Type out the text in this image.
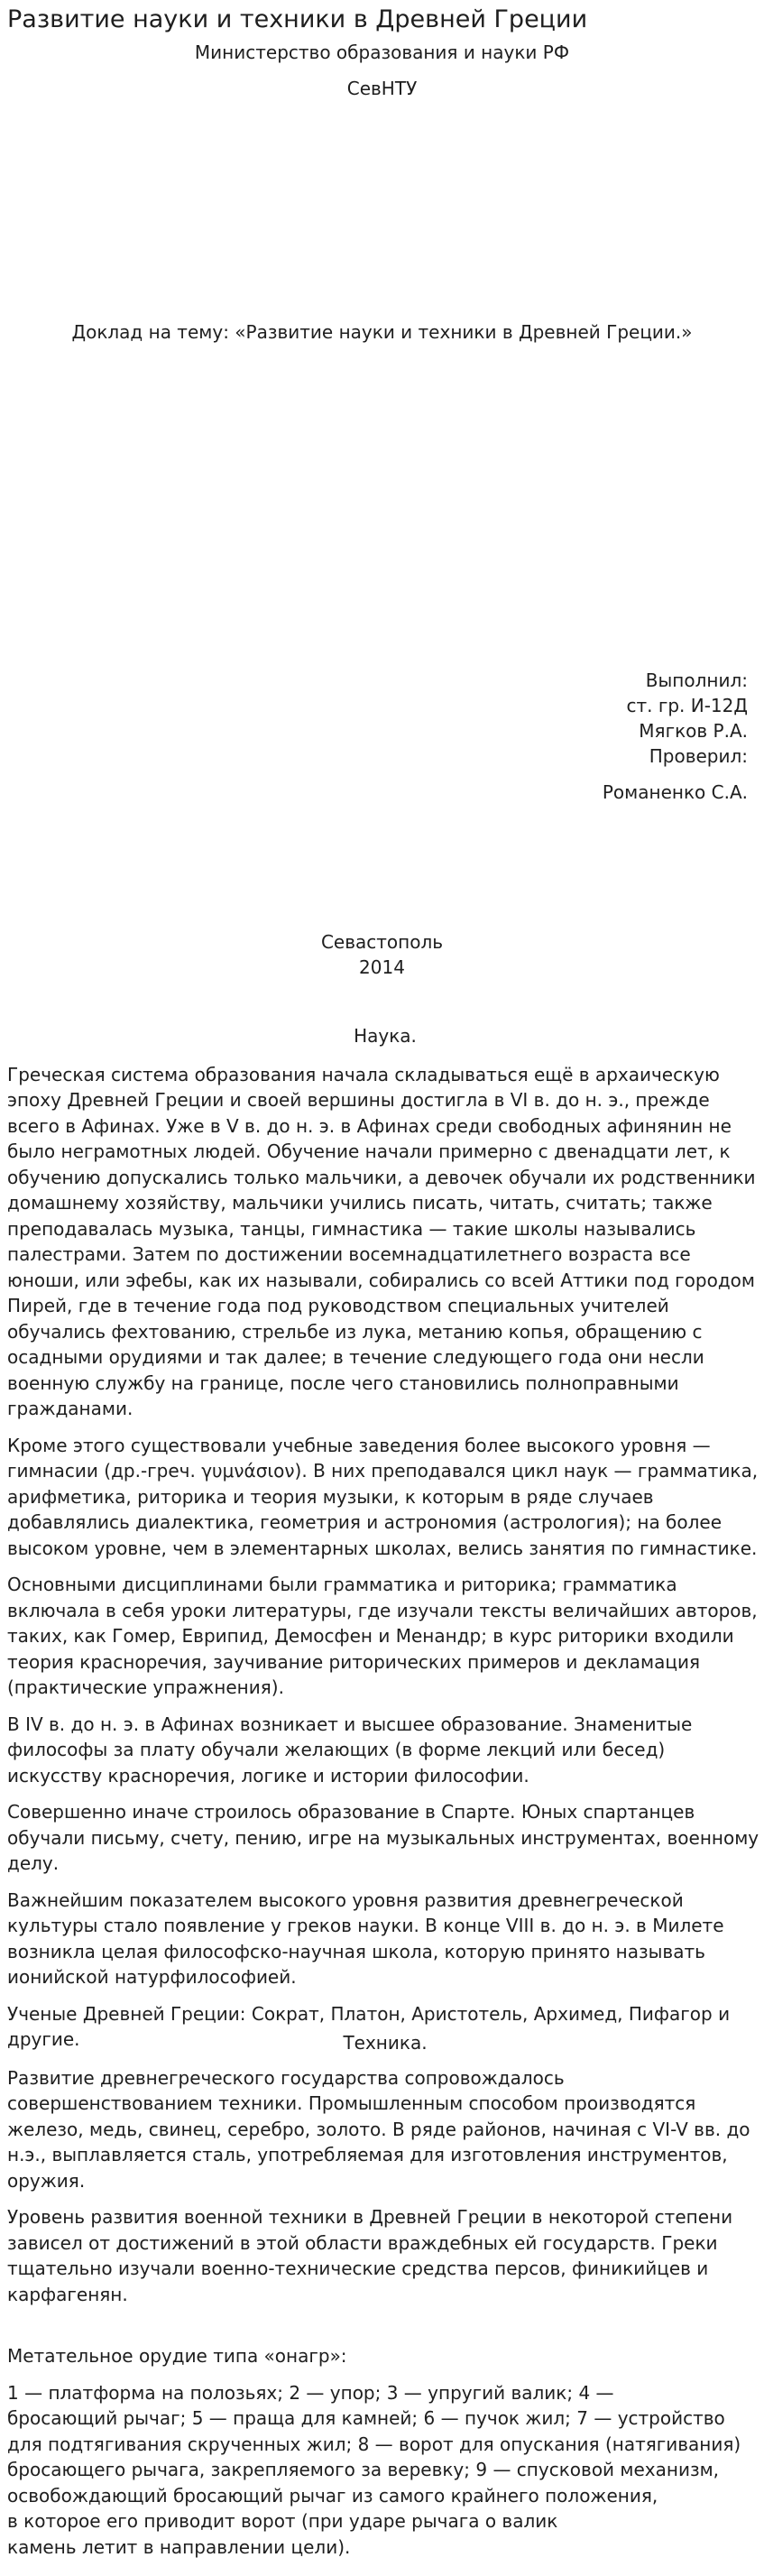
Развитие науки и техники в Древней Греции

Министерство образования и науки РФ

СевНТУ

Доклад на тему: «Развитие науки и техники в Древней Греции.»

Выполнил:
ст. гр. И-12Д
Мягков Р.А.
Проверил:
Романенко С.А.

Севастополь

2014

Наука.

Греческая система образования начала складываться ещё в архаическую эпоху Древней Греции и своей вершины достигла в VI в. до н. э., прежде всего в Афинах. Уже в V в. до н. э. в Афинах среди свободных афинянин не было неграмотных людей. Обучение начали примерно с двенадцати лет, к обучению допускались только мальчики, а девочек обучали их родственники домашнему хозяйству, мальчики учились писать, читать, считать; также преподавалась музыка, танцы, гимнастика — такие школы назывались палестрами. Затем по достижении восемнадцатилетнего возраста все юноши, или эфебы, как их называли, собирались со всей Аттики под городом Пирей, где в течение года под руководством специальных учителей обучались фехтованию, стрельбе из лука, метанию копья, обращению с осадными орудиями и так далее; в течение следующего года они несли военную службу на границе, после чего становились полноправными гражданами.

Кроме этого существовали учебные заведения более высокого уровня — гимнасии (др.-греч. γυμνάσιον). В них преподавался цикл наук — грамматика, арифметика, риторика и теория музыки, к которым в ряде случаев добавлялись диалектика, геометрия и астрономия (астрология); на более высоком уровне, чем в элементарных школах, велись занятия по гимнастике.

Основными дисциплинами были грамматика и риторика; грамматика включала в себя уроки литературы, где изучали тексты величайших авторов, таких, как Гомер, Еврипид, Демосфен и Менандр; в курс риторики входили теория красноречия, заучивание риторических примеров и декламация (практические упражнения).

В IV в. до н. э. в Афинах возникает и высшее образование. Знаменитые философы за плату обучали желающих (в форме лекций или бесед) искусству красноречия, логике и истории философии.

Совершенно иначе строилось образование в Спарте. Юных спартанцев обучали письму, счету, пению, игре на музыкальных инструментах, военному делу.

Важнейшим показателем высокого уровня развития древнегреческой культуры стало появление у греков науки. В конце VIII в. до н. э. в Милете возникла целая философско-научная школа, которую принято называть ионийской натурфилософией.

Ученые Древней Греции: Сократ, Платон, Аристотель, Архимед, Пифагор и другие.	Техника.

Развитие древнегреческого государства сопровождалось совершенствованием техники. Промышленным способом производятся железо, медь, свинец, серебро, золото. В ряде районов, начиная с VI-V вв. до н.э., выплавляется сталь, употребляемая для изготовления инструментов, оружия.

Уровень развития военной техники в Древней Греции в некоторой степени зависел от достижений в этой области враждебных ей государств. Греки тщательно изучали военно-технические средства персов, финикийцев и карфагенян.

Метательное орудие типа «онагр»:

1 — платформа на полозьях; 2 — упор; 3 — упругий валик; 4 —
бросающий рычаг; 5 — праща для камней; 6 — пучок жил; 7 — устройство
для подтягивания скрученных жил; 8 — ворот для опускания (натягивания)
бросающего рычага, закрепляемого за веревку; 9 — спусковой механизм,
освобождающий бросающий рычаг из самого крайнего положения,
в которое его приводит ворот (при ударе рычага о валик
камень летит в направлении цели).
